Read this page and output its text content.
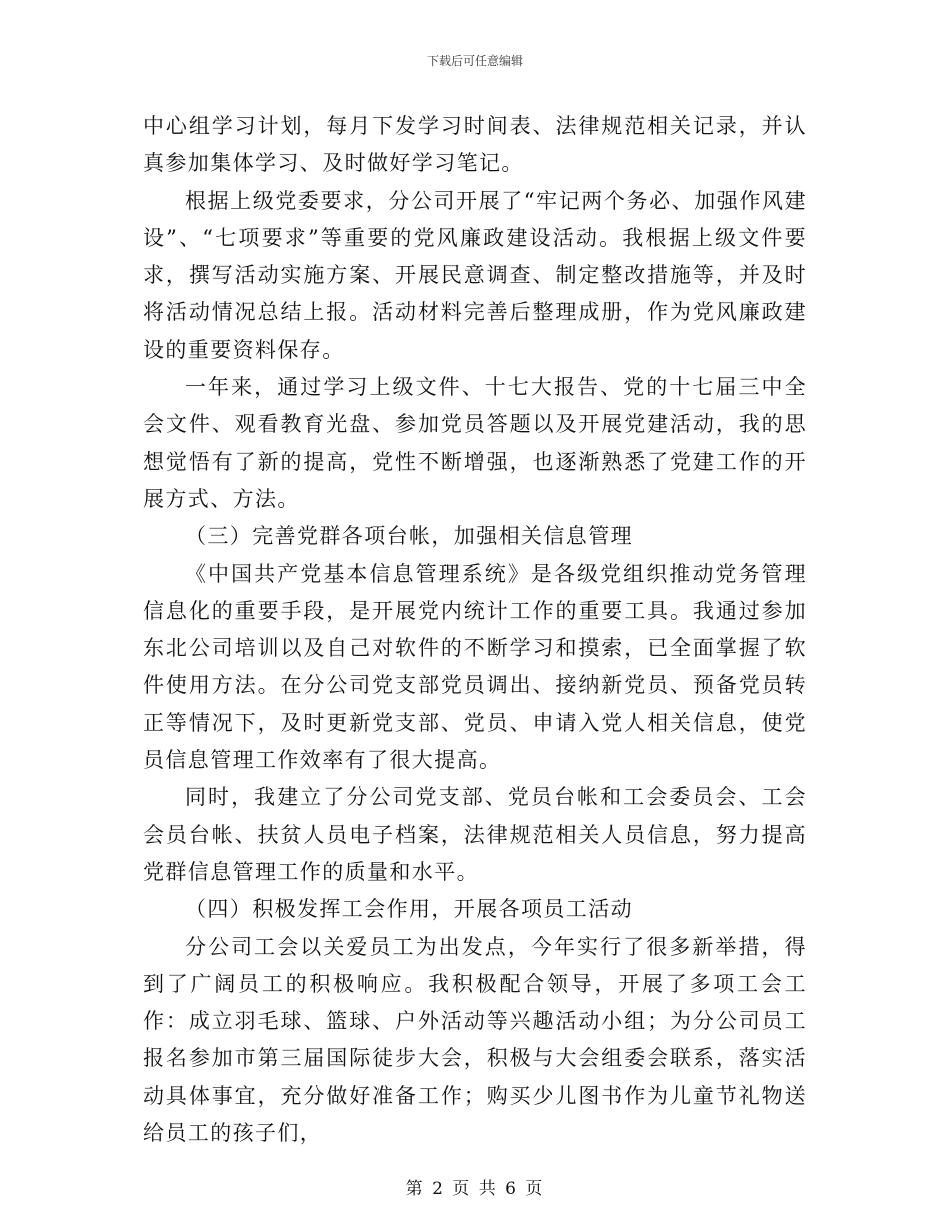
下载后可任意编辑

中心组学习计划，每月下发学习时间表、法律规范相关记录，并认真参加集体学习、及时做好学习笔记。

根据上级党委要求，分公司开展了“牢记两个务必、加强作风建设”、“七项要求”等重要的党风廉政建设活动。我根据上级文件要求，撰写活动实施方案、开展民意调查、制定整改措施等，并及时将活动情况总结上报。活动材料完善后整理成册，作为党风廉政建设的重要资料保存。

一年来，通过学习上级文件、十七大报告、党的十七届三中全会文件、观看教育光盘、参加党员答题以及开展党建活动，我的思想觉悟有了新的提高，党性不断增强，也逐渐熟悉了党建工作的开展方式、方法。

（三）完善党群各项台帐，加强相关信息管理

《中国共产党基本信息管理系统》是各级党组织推动党务管理信息化的重要手段，是开展党内统计工作的重要工具。我通过参加东北公司培训以及自己对软件的不断学习和摸索，已全面掌握了软件使用方法。在分公司党支部党员调出、接纳新党员、预备党员转正等情况下，及时更新党支部、党员、申请入党人相关信息，使党员信息管理工作效率有了很大提高。

同时，我建立了分公司党支部、党员台帐和工会委员会、工会会员台帐、扶贫人员电子档案，法律规范相关人员信息，努力提高党群信息管理工作的质量和水平。

（四）积极发挥工会作用，开展各项员工活动

分公司工会以关爱员工为出发点，今年实行了很多新举措，得到了广阔员工的积极响应。我积极配合领导，开展了多项工会工作：成立羽毛球、篮球、户外活动等兴趣活动小组；为分公司员工报名参加市第三届国际徒步大会，积极与大会组委会联系，落实活动具体事宜，充分做好准备工作；购买少儿图书作为儿童节礼物送给员工的孩子们，

第 2 页 共 6 页
